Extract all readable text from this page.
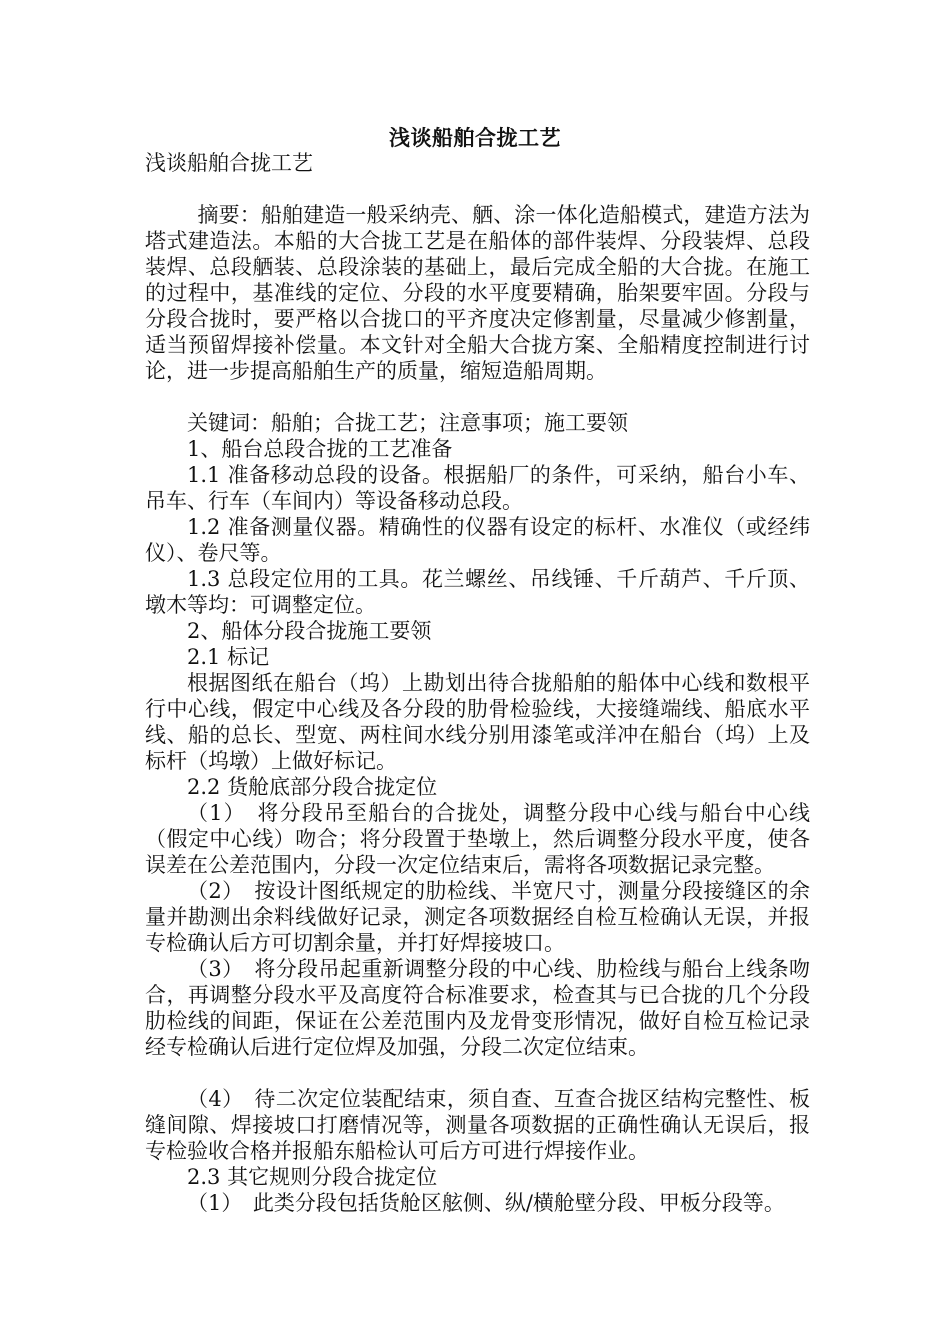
浅谈船舶合拢工艺

浅谈船舶合拢工艺

摘要：船舶建造一般采纳壳、舾、涂一体化造船模式，建造方法为塔式建造法。本船的大合拢工艺是在船体的部件装焊、分段装焊、总段装焊、总段舾装、总段涂装的基础上，最后完成全船的大合拢。在施工的过程中，基准线的定位、分段的水平度要精确，胎架要牢固。分段与分段合拢时，要严格以合拢口的平齐度决定修割量，尽量减少修割量，适当预留焊接补偿量。本文针对全船大合拢方案、全船精度控制进行讨论，进一步提高船舶生产的质量，缩短造船周期。

关键词：船舶；合拢工艺；注意事项；施工要领

1、船台总段合拢的工艺准备

1.1 准备移动总段的设备。根据船厂的条件，可采纳，船台小车、吊车、行车（车间内）等设备移动总段。

1.2 准备测量仪器。精确性的仪器有设定的标杆、水准仪（或经纬仪）、卷尺等。

1.3 总段定位用的工具。花兰螺丝、吊线锤、千斤葫芦、千斤顶、墩木等均：可调整定位。

2、船体分段合拢施工要领

2.1 标记

根据图纸在船台（坞）上勘划出待合拢船舶的船体中心线和数根平行中心线，假定中心线及各分段的肋骨检验线，大接缝端线、船底水平线、船的总长、型宽、两柱间水线分别用漆笔或洋冲在船台（坞）上及标杆（坞墩）上做好标记。

2.2 货舱底部分段合拢定位

（1）　将分段吊至船台的合拢处，调整分段中心线与船台中心线（假定中心线）吻合；将分段置于垫墩上，然后调整分段水平度，使各误差在公差范围内，分段一次定位结束后，需将各项数据记录完整。

（2）　按设计图纸规定的肋检线、半宽尺寸，测量分段接缝区的余量并勘测出余料线做好记录，测定各项数据经自检互检确认无误，并报专检确认后方可切割余量，并打好焊接坡口。

（3）　将分段吊起重新调整分段的中心线、肋检线与船台上线条吻合，再调整分段水平及高度符合标准要求，检查其与已合拢的几个分段肋检线的间距，保证在公差范围内及龙骨变形情况，做好自检互检记录经专检确认后进行定位焊及加强，分段二次定位结束。

（4）　待二次定位装配结束，须自查、互查合拢区结构完整性、板缝间隙、焊接坡口打磨情况等，测量各项数据的正确性确认无误后，报专检验收合格并报船东船检认可后方可进行焊接作业。

2.3 其它规则分段合拢定位

（1）　此类分段包括货舱区舷侧、纵/横舱壁分段、甲板分段等。
